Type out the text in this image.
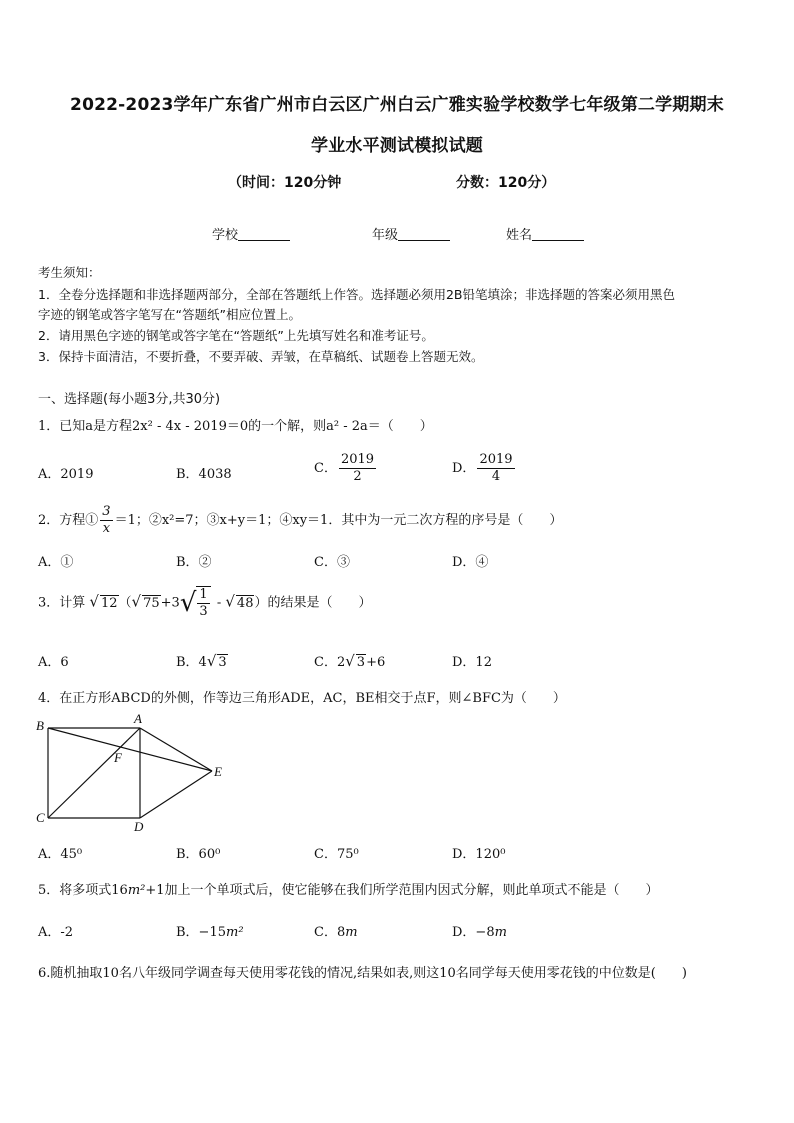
2022-2023学年广东省广州市白云区广州白云广雅实验学校数学七年级第二学期期末
学业水平测试模拟试题
（时间：120分钟	分数：120分）
学校	年级	姓名
考生须知：
1．全卷分选择题和非选择题两部分，全部在答题纸上作答。选择题必须用2B铅笔填涂；非选择题的答案必须用黑色
字迹的钢笔或答字笔写在“答题纸”相应位置上。
2．请用黑色字迹的钢笔或答字笔在“答题纸”上先填写姓名和准考证号。
3．保持卡面清洁，不要折叠，不要弄破、弄皱，在草稿纸、试题卷上答题无效。
一、选择题(每小题3分,共30分)
1．已知a是方程2x² - 4x - 2019＝0的一个解，则a² - 2a＝（　　）
A．2019	B．4038	C． $\frac{2019}{2}$	D． $\frac{2019}{4}$
2．方程① $\frac{3}{x} =1$；②x²=7；③x+y＝1；④xy＝1．其中为一元二次方程的序号是（　　）
A．①	B．②	C．③	D．④
3．计算 √ 12（√ $75+3√ \frac{1}{3}$ - √ 48）的结果是（　　）
A．6	B．4√ 3	C．2√ 3+6	D．12
4．在正方形ABCD的外侧，作等边三角形ADE，AC，BE相交于点F，则∠BFC为（　　）
B	A
F
E
C
D
A．45⁰	B．60⁰	C．75⁰	D．120⁰
5．将多项式16m²+1加上一个单项式后，使它能够在我们所学范围内因式分解，则此单项式不能是（　　）
A．-2	B．−15m²	C．8m	D．−8m
6.随机抽取10名八年级同学调查每天使用零花钱的情况,结果如表,则这10名同学每天使用零花钱的中位数是(　　)
